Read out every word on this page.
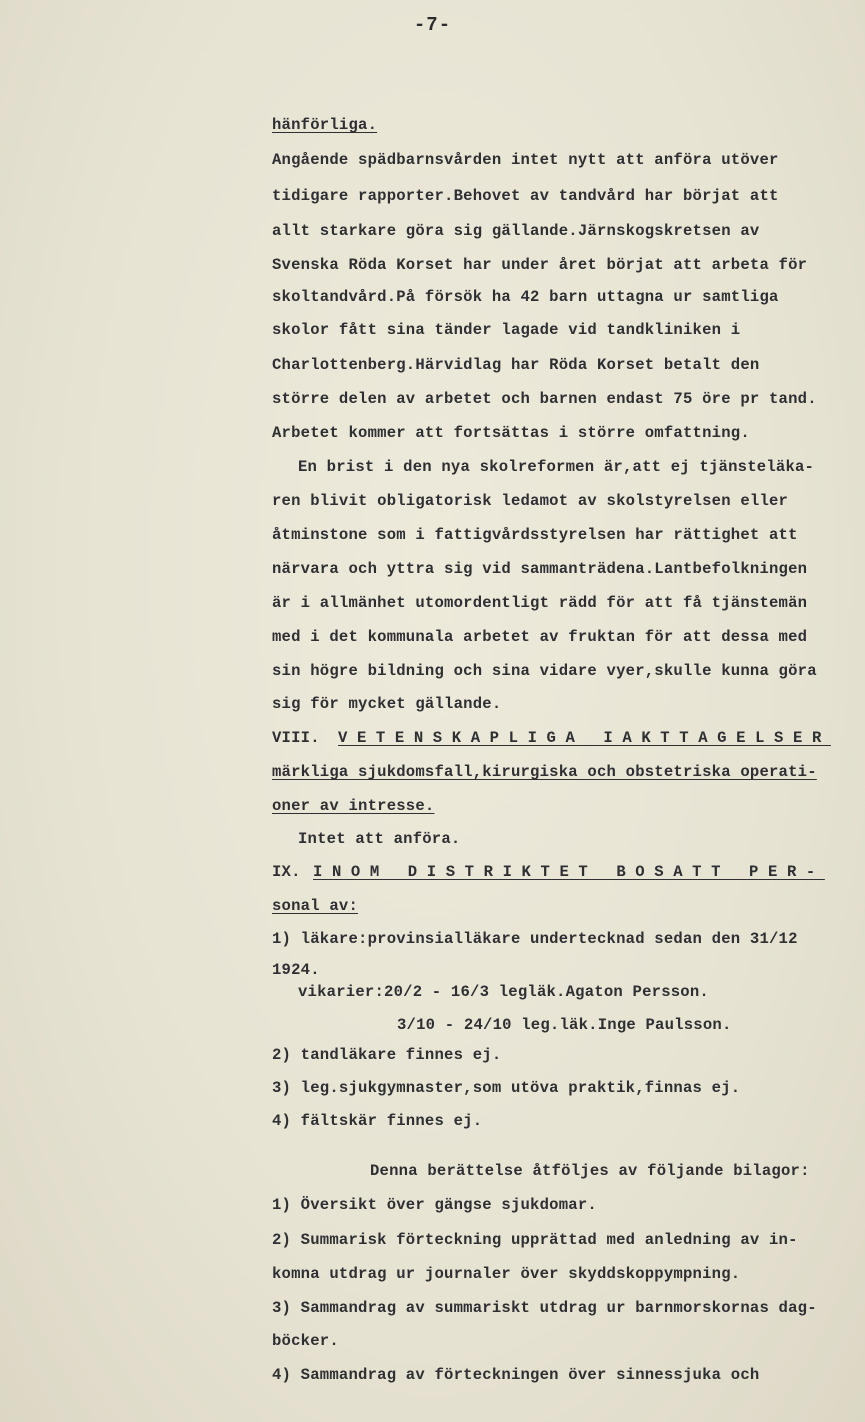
-7-
hänförliga.
Angående spädbarnsvården intet nytt att anföra utöver
tidigare rapporter.Behovet av tandvård har börjat att
allt starkare göra sig gällande.Järnskogskretsen av
Svenska Röda Korset har under året börjat att arbeta för
skoltandvård.På försök ha 42 barn uttagna ur samtliga
skolor fått sina tänder lagade vid tandkliniken i
Charlottenberg.Härvidlag har Röda Korset betalt den
större delen av arbetet och barnen endast 75 öre pr tand.
Arbetet kommer att fortsättas i större omfattning.
En brist i den nya skolreformen är,att ej tjänsteläka-
ren blivit obligatorisk ledamot av skolstyrelsen eller
åtminstone som i fattigvårdsstyrelsen har rättighet att
närvara och yttra sig vid sammanträdena.Lantbefolkningen
är i allmänhet utomordentligt rädd för att få tjänstemän
med i det kommunala arbetet av fruktan för att dessa med
sin högre bildning och sina vidare vyer,skulle kunna göra
sig för mycket gällande.
VIII. VETENSKAPLIGA IAKTTAGELSER
märkliga sjukdomsfall,kirurgiska och obstetriska operati-
oner av intresse.
Intet att anföra.
IX. INOM DISTRIKTET BOSATT PER-
sonal av:
1) läkare:provinsialläkare undertecknad sedan den 31/12
1924.
vikarier:20/2 - 16/3 legläk.Agaton Persson.
3/10 - 24/10 leg.läk.Inge Paulsson.
2) tandläkare finnes ej.
3) leg.sjukgymnaster,som utöva praktik,finnas ej.
4) fältskär finnes ej.
Denna berättelse åtföljes av följande bilagor:
1) Översikt över gängse sjukdomar.
2) Summarisk förteckning upprättad med anledning av in-
komna utdrag ur journaler över skyddskoppympning.
3) Sammandrag av summariskt utdrag ur barnmorskornas dag-
böcker.
4) Sammandrag av förteckningen över sinnessjuka och
